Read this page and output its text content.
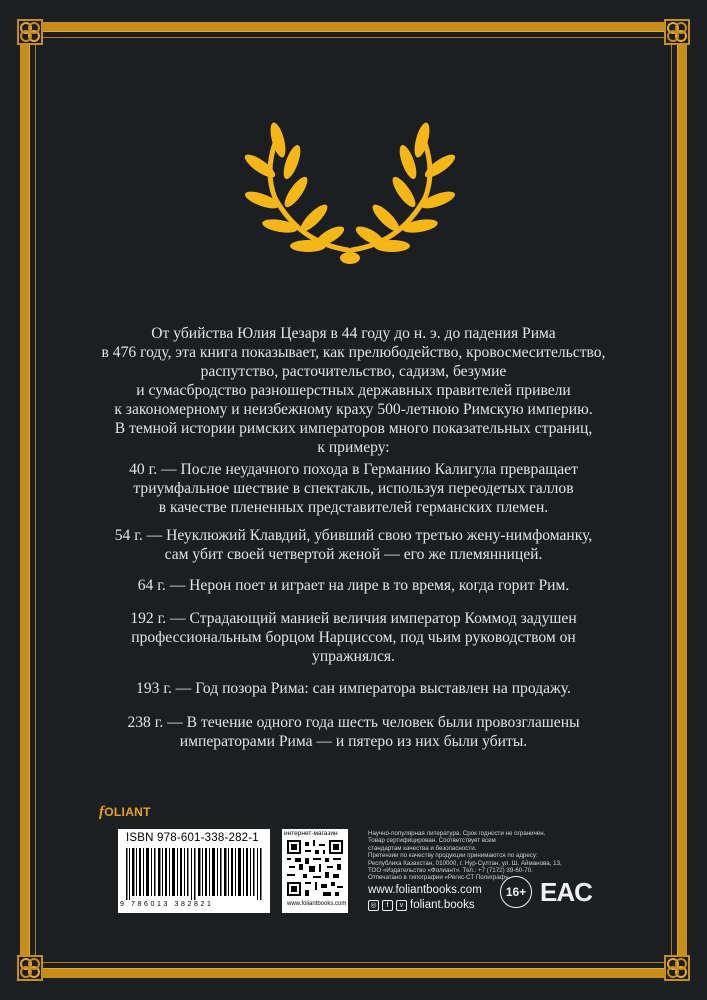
От убийства Юлия Цезаря в 44 году до н. э. до падения Рима

в 476 году, эта книга показывает, как прелюбодейство, кровосмесительство,

распутство, расточительство, садизм, безумие

и сумасбродство разношерстных державных правителей привели

к закономерному и неизбежному краху 500-летнюю Римскую империю.

В темной истории римских императоров много показательных страниц,

к примеру:

40 г. — После неудачного похода в Германию Калигула превращает

триумфальное шествие в спектакль, используя переодетых галлов

в качестве плененных представителей германских племен.

54 г. — Неуклюжий Клавдий, убивший свою третью жену-нимфоманку,

сам убит своей четвертой женой — его же племянницей.

64 г. — Нерон поет и играет на лире в то время, когда горит Рим.

192 г. — Страдающий манией величия император Коммод задушен

профессиональным борцом Нарциссом, под чьим руководством он

упражнялся.

193 г. — Год позора Рима: сан императора выставлен на продажу.

238 г. — В течение одного года шесть человек были провозглашены

императорами Рима — и пятеро из них были убиты.

fOLIANT
ISBN 978-601-338-282-1
9 786013 382821
интернет-магазин
www.foliantbooks.com

Научно-популярная литература. Срок годности не ограничен.

Товар сертифицирован. Соответствует всем

стандартам качества и безопасности.

Претензии по качеству продукции принимаются по адресу:

Республика Казахстан, 010000, г. Нур-Султан, ул. Ш. Айманова, 13,

ТОО «Издательство «Фолиант». Тел.: +7 (7172) 39-60-70.

Отпечатано в типографии «Регис-СТ Полиграф».

www.foliantbooks.com
◎	f	v foliant.books
16+ EAC
